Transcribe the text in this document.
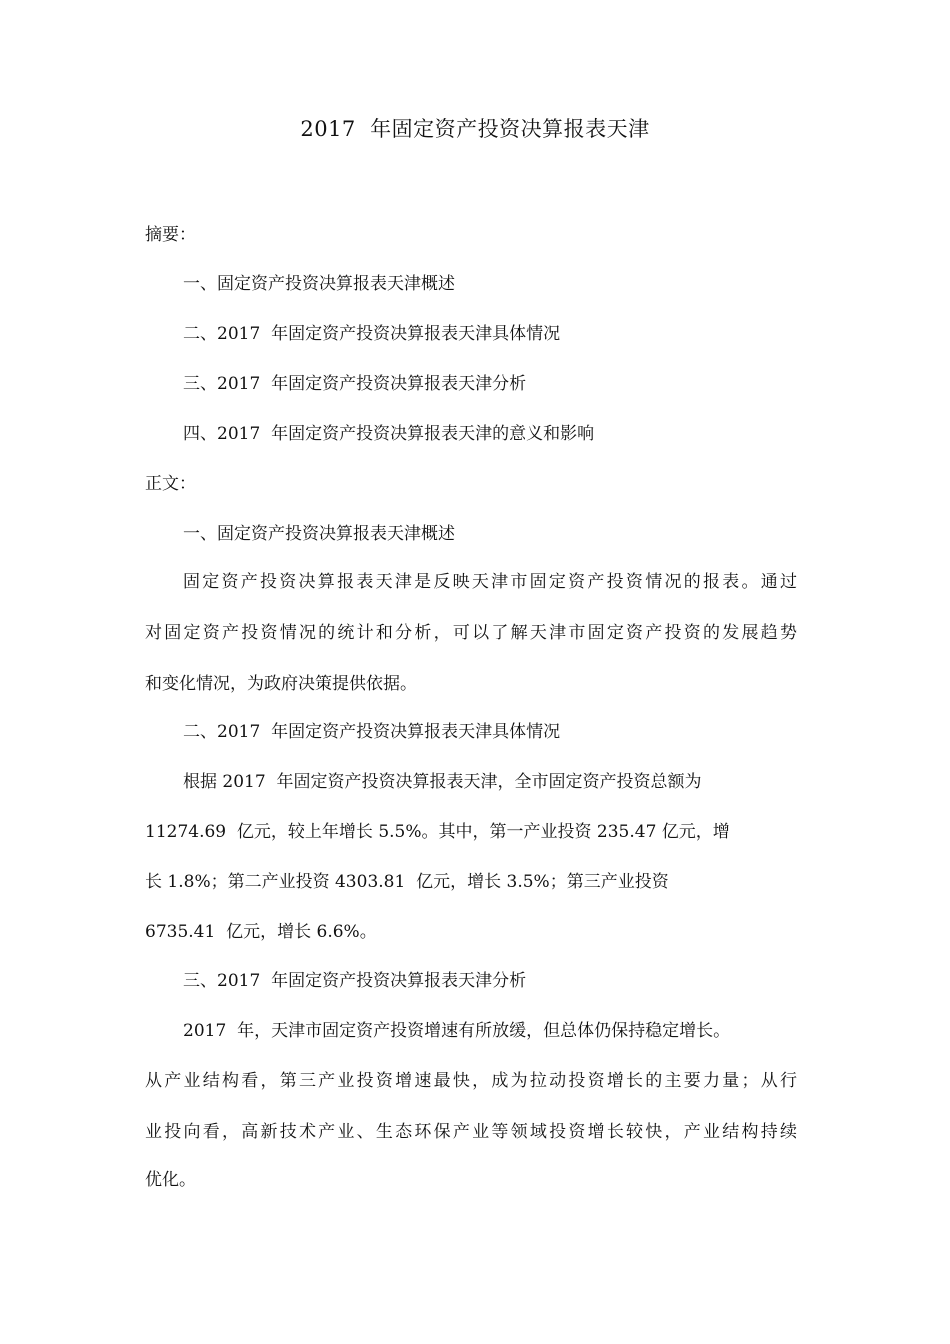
2017  年固定资产投资决算报表天津
摘要：
一、固定资产投资决算报表天津概述
二、2017  年固定资产投资决算报表天津具体情况
三、2017  年固定资产投资决算报表天津分析
四、2017  年固定资产投资决算报表天津的意义和影响
正文：
一、固定资产投资决算报表天津概述
固定资产投资决算报表天津是反映天津市固定资产投资情况的报表。通过
对固定资产投资情况的统计和分析，可以了解天津市固定资产投资的发展趋势
和变化情况，为政府决策提供依据。
二、2017  年固定资产投资决算报表天津具体情况
根据 2017  年固定资产投资决算报表天津，全市固定资产投资总额为
11274.69  亿元，较上年增长 5.5%。其中，第一产业投资 235.47 亿元，增
长 1.8%；第二产业投资 4303.81  亿元，增长 3.5%；第三产业投资
6735.41  亿元，增长 6.6%。
三、2017  年固定资产投资决算报表天津分析
2017  年，天津市固定资产投资增速有所放缓，但总体仍保持稳定增长。
从产业结构看，第三产业投资增速最快，成为拉动投资增长的主要力量；从行
业投向看，高新技术产业、生态环保产业等领域投资增长较快，产业结构持续
优化。
